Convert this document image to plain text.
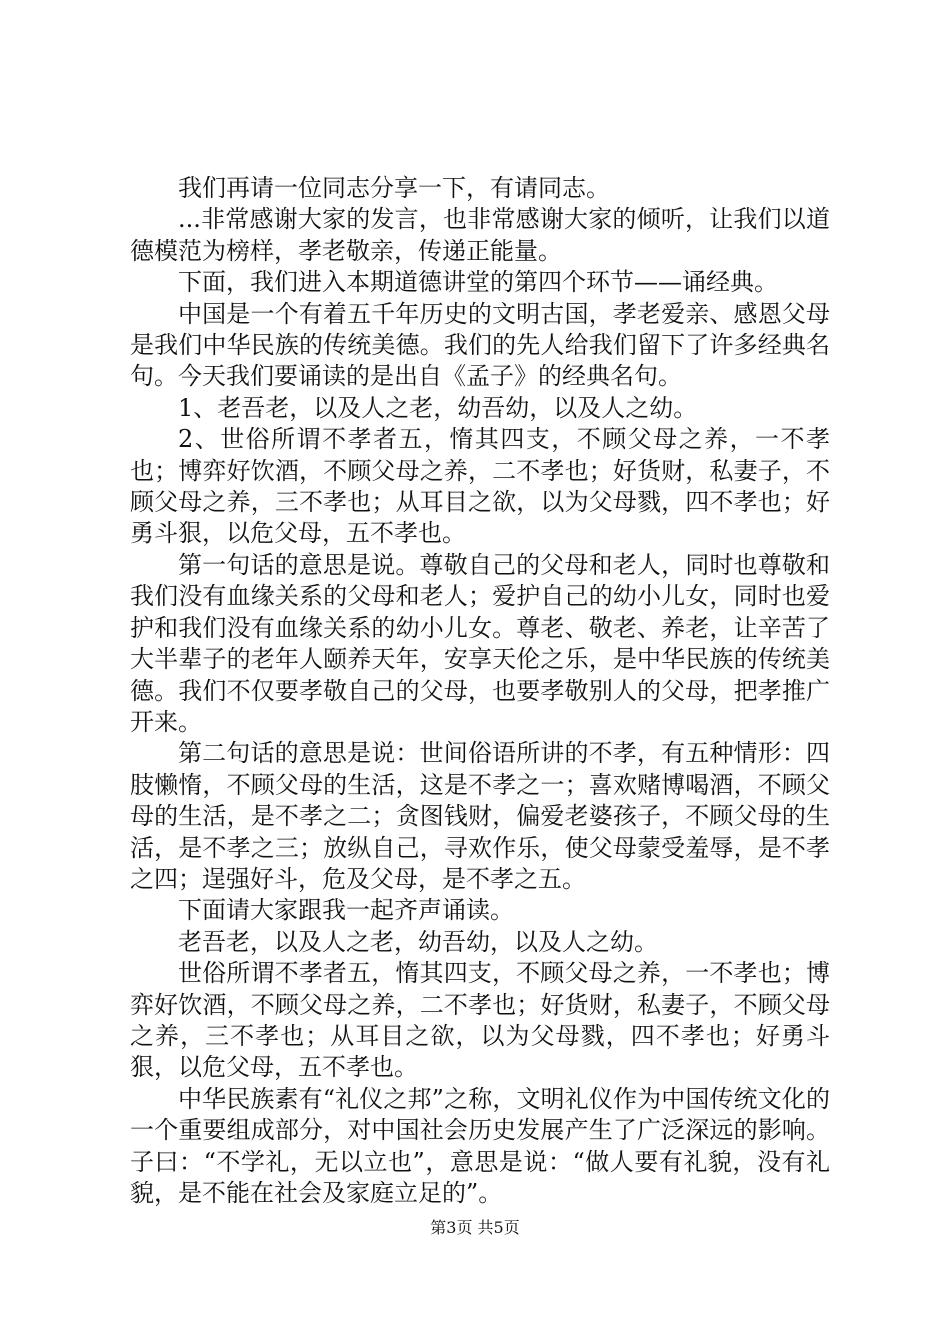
我们再请一位同志分享一下，有请同志。

...非常感谢大家的发言，也非常感谢大家的倾听，让我们以道德模范为榜样，孝老敬亲，传递正能量。

下面，我们进入本期道德讲堂的第四个环节——诵经典。

中国是一个有着五千年历史的文明古国，孝老爱亲、感恩父母是我们中华民族的传统美德。我们的先人给我们留下了许多经典名句。今天我们要诵读的是出自《孟子》的经典名句。

1、老吾老，以及人之老，幼吾幼，以及人之幼。

2、世俗所谓不孝者五，惰其四支，不顾父母之养，一不孝也；博弈好饮酒，不顾父母之养，二不孝也；好货财，私妻子，不顾父母之养，三不孝也；从耳目之欲，以为父母戮，四不孝也；好勇斗狠，以危父母，五不孝也。

第一句话的意思是说。尊敬自己的父母和老人，同时也尊敬和我们没有血缘关系的父母和老人；爱护自己的幼小儿女，同时也爱护和我们没有血缘关系的幼小儿女。尊老、敬老、养老，让辛苦了大半辈子的老年人颐养天年，安享天伦之乐，是中华民族的传统美德。我们不仅要孝敬自己的父母，也要孝敬别人的父母，把孝推广开来。

第二句话的意思是说：世间俗语所讲的不孝，有五种情形：四肢懒惰，不顾父母的生活，这是不孝之一；喜欢赌博喝酒，不顾父母的生活，是不孝之二；贪图钱财，偏爱老婆孩子，不顾父母的生活，是不孝之三；放纵自己，寻欢作乐，使父母蒙受羞辱，是不孝之四；逞强好斗，危及父母，是不孝之五。

下面请大家跟我一起齐声诵读。

老吾老，以及人之老，幼吾幼，以及人之幼。

世俗所谓不孝者五，惰其四支，不顾父母之养，一不孝也；博弈好饮酒，不顾父母之养，二不孝也；好货财，私妻子，不顾父母之养，三不孝也；从耳目之欲，以为父母戮，四不孝也；好勇斗狠，以危父母，五不孝也。

中华民族素有“礼仪之邦”之称，文明礼仪作为中国传统文化的一个重要组成部分，对中国社会历史发展产生了广泛深远的影响。子曰：“不学礼，无以立也”，意思是说：“做人要有礼貌，没有礼貌，是不能在社会及家庭立足的”。

第3页 共5页
